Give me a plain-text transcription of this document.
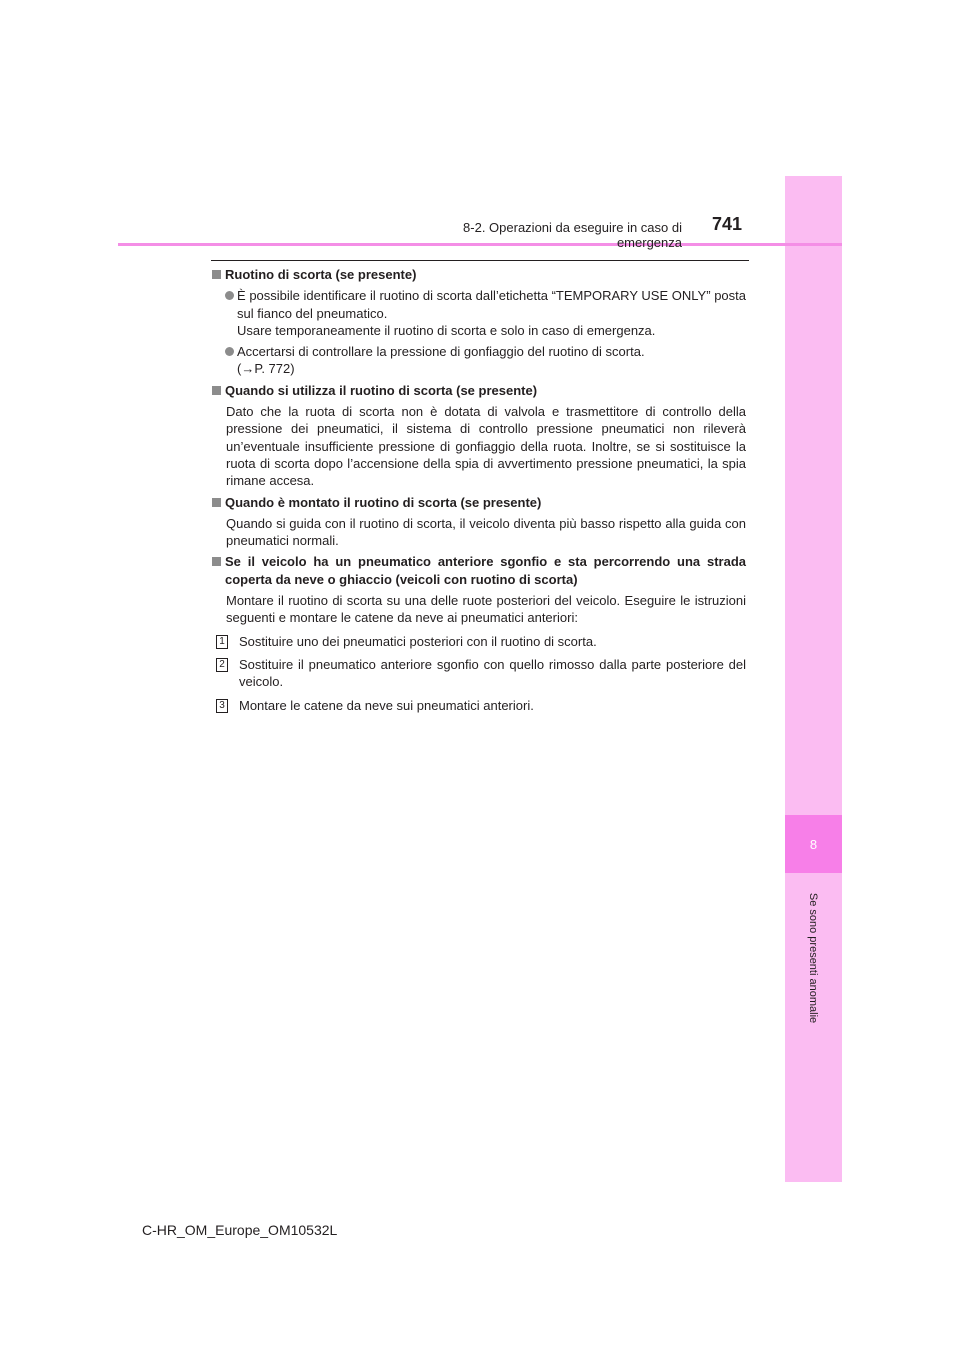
8
Se sono presenti anomalie
8-2. Operazioni da eseguire in caso di emergenza
741
Ruotino di scorta (se presente)
È possibile identificare il ruotino di scorta dall’etichetta “TEMPORARY USE ONLY” posta sul fianco del pneumatico.
Usare temporaneamente il ruotino di scorta e solo in caso di emergenza.
Accertarsi di controllare la pressione di gonfiaggio del ruotino di scorta.
(→P. 772)
Quando si utilizza il ruotino di scorta (se presente)
Dato che la ruota di scorta non è dotata di valvola e trasmettitore di controllo della pressione dei pneumatici, il sistema di controllo pressione pneumatici non rileverà un’eventuale insufficiente pressione di gonfiaggio della ruota. Inoltre, se si sostituisce la ruota di scorta dopo l’accensione della spia di avvertimento pressione pneumatici, la spia rimane accesa.
Quando è montato il ruotino di scorta (se presente)
Quando si guida con il ruotino di scorta, il veicolo diventa più basso rispetto alla guida con pneumatici normali.
Se il veicolo ha un pneumatico anteriore sgonfio e sta percorrendo una strada coperta da neve o ghiaccio (veicoli con ruotino di scorta)
Montare il ruotino di scorta su una delle ruote posteriori del veicolo. Eseguire le istruzioni seguenti e montare le catene da neve ai pneumatici anteriori:
1 Sostituire uno dei pneumatici posteriori con il ruotino di scorta.
2 Sostituire il pneumatico anteriore sgonfio con quello rimosso dalla parte posteriore del veicolo.
3 Montare le catene da neve sui pneumatici anteriori.
C-HR_OM_Europe_OM10532L
